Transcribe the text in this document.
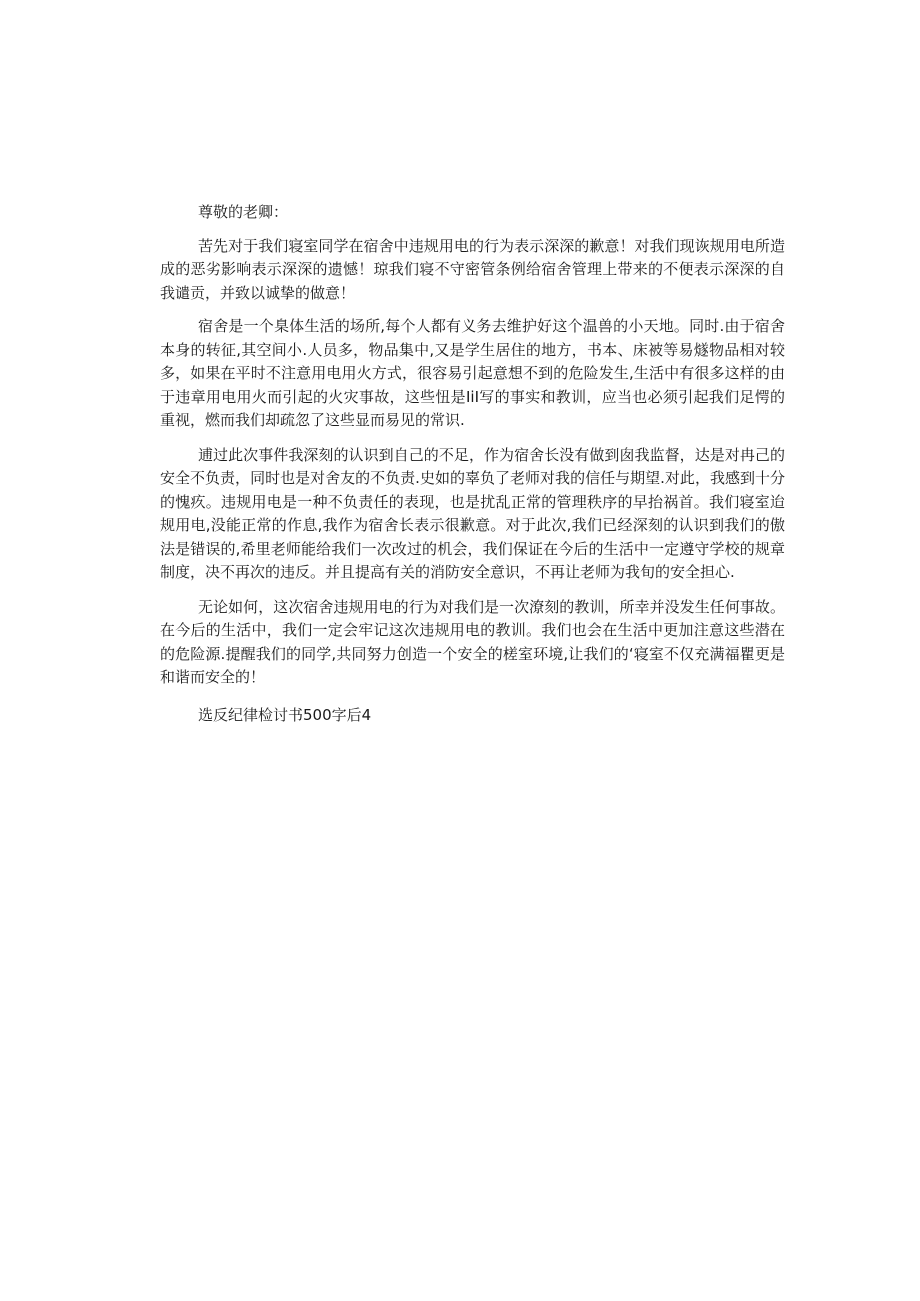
尊敬的老卿：

苦先对于我们寝室同学在宿舍中违规用电的行为表示深深的歉意！对我们现诙规用电所造成的恶劣影响表示深深的遗憾！琼我们寝不守密管条例给宿舍管理上带来的不便表示深深的自我谴贡，并致以诚挚的做意！

宿舍是一个臬体生活的场所,每个人都有义务去维护好这个温兽的小天地。同时.由于宿舍本身的转征,其空间小.人员多，物品集中,又是学生居住的地方，书本、床被等易燧物品相对较多，如果在平时不注意用电用火方式，很容易引起意想不到的危险发生,生活中有很多这样的由于违章用电用火而引起的火灾事故，这些忸是IiI写的事实和教训，应当也必须引起我们足愕的重视，燃而我们却疏忽了这些显而易见的常识.

逋过此次事件我深刻的认识到自己的不足，作为宿舍长没有做到囱我监督，达是对冉己的安全不负责，同时也是对舍友的不负责.史如的辜负了老师对我的信任与期望.对此，我感到十分的愧疚。违规用电是一种不负责任的表现，也是扰乱正常的管理秩序的早抬祸首。我们寝室迨规用电,没能正常的作息,我作为宿舍长表示很歉意。对于此次,我们已经深刻的认识到我们的傲法是错误的,希里老师能给我们一次改过的机会，我们保证在今后的生活中一定遵守学校的规章制度，决不再次的违反。并且提高有关的消防安全意识，不再让老师为我旬的安全担心.

无论如何，这次宿舍违规用电的行为对我们是一次潦刻的教训，所幸并没发生任何事故。在今后的生活中，我们一定会牢记这次违规用电的教训。我们也会在生活中更加注意这些潜在的危险源.提醒我们的同学,共同努力创造一个安全的槎室环境,让我们的‘寝室不仅充满福瞿更是和谐而安全的！

选反纪律检讨书500字后4
